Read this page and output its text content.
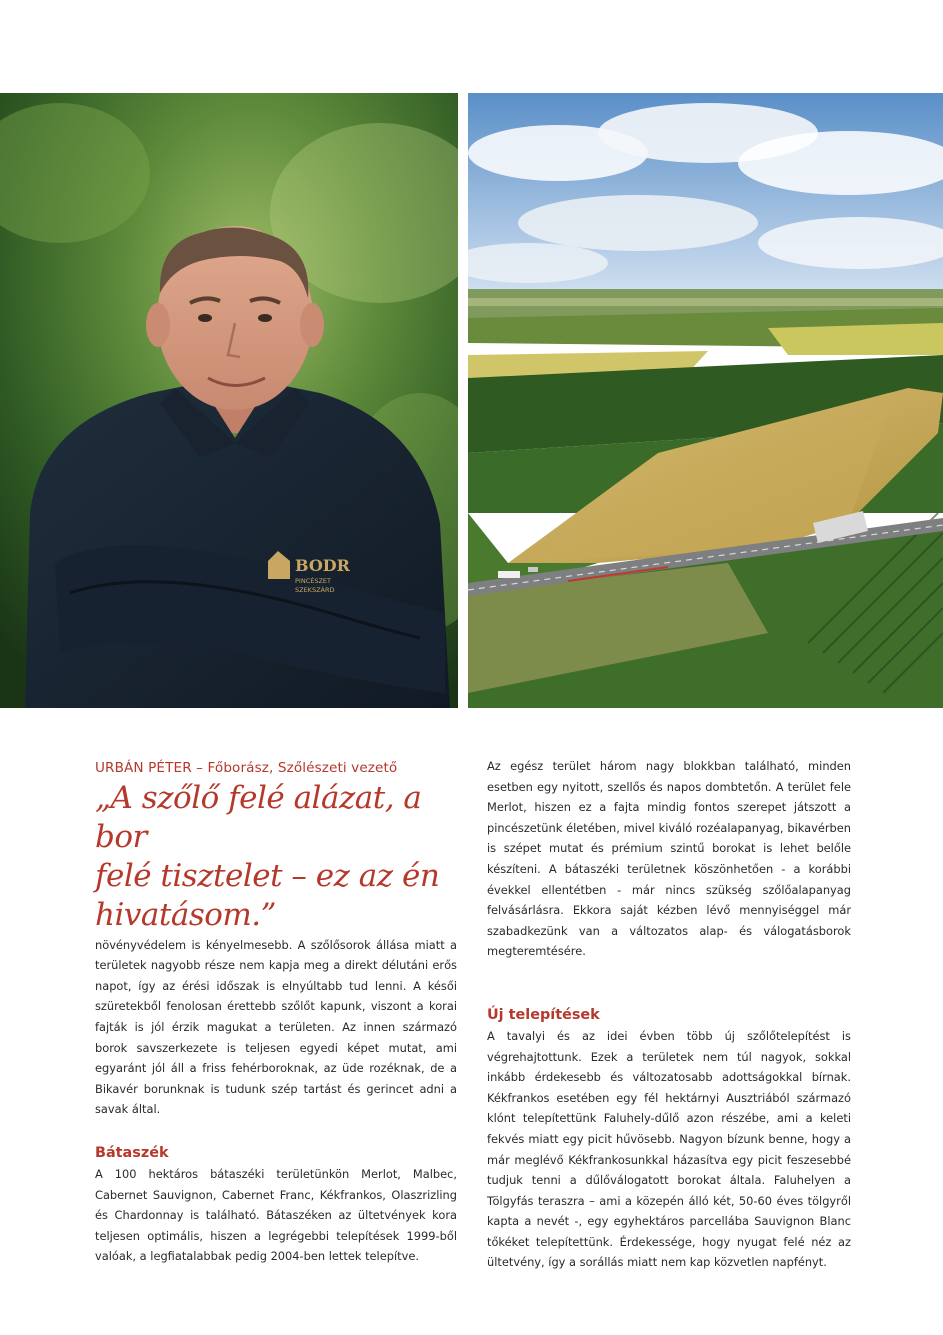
BODR
PINCÉSZET
SZEKSZÁRD

URBÁN PÉTER – Főborász, Szőlészeti vezető

„A szőlő felé alázat, a bor
felé tisztelet – ez az én
hivatásom.”

növényvédelem is kényelmesebb. A szőlősorok állása miatt a területek nagyobb része nem kapja meg a direkt délutáni erős napot, így az érési időszak is elnyúltabb tud lenni. A késői szüretekből fenolosan érettebb szőlőt kapunk, viszont a korai fajták is jól érzik magukat a területen. Az innen származó borok savszerkezete is teljesen egyedi képet mutat, ami egyaránt jól áll a friss fehérboroknak, az üde rozéknak, de a Bikavér borunknak is tudunk szép tartást és gerincet adni a savak által.

Bátaszék

A 100 hektáros bátaszéki területünkön Merlot, Malbec, Cabernet Sauvignon, Cabernet Franc, Kékfrankos, Olaszrizling és Chardonnay is található. Bátaszéken az ültetvények kora teljesen optimális, hiszen a legrégebbi telepítések 1999-ből valóak, a legfiatalabbak pedig 2004-ben lettek telepítve.

Az egész terület három nagy blokkban található, minden esetben egy nyitott, szellős és napos dombtetőn. A terület fele Merlot, hiszen ez a fajta mindig fontos szerepet játszott a pincészetünk életében, mivel kiváló rozéalapanyag, bikavérben is szépet mutat és prémium szintű borokat is lehet belőle készíteni. A bátaszéki területnek köszönhetően - a korábbi évekkel ellentétben - már nincs szükség szőlőalapanyag felvásárlásra. Ekkora saját kézben lévő mennyiséggel már szabadkezünk van a változatos alap- és válogatásborok megteremtésére.

Új telepítések

A tavalyi és az idei évben több új szőlőtelepítést is végrehajtottunk. Ezek a területek nem túl nagyok, sokkal inkább érdekesebb és változatosabb adottságokkal bírnak. Kékfrankos esetében egy fél hektárnyi Ausztriából származó klónt telepítettünk Faluhely-dűlő azon részébe, ami a keleti fekvés miatt egy picit hűvösebb. Nagyon bízunk benne, hogy a már meglévő Kékfrankosunkkal házasítva egy picit feszesebbé tudjuk tenni a dűlőválogatott borokat általa. Faluhelyen a Tölgyfás teraszra – ami a közepén álló két, 50-60 éves tölgyről kapta a nevét -, egy egyhektáros parcellába Sauvignon Blanc tőkéket telepítettünk. Érdekessége, hogy nyugat felé néz az ültetvény, így a sorállás miatt nem kap közvetlen napfényt.
